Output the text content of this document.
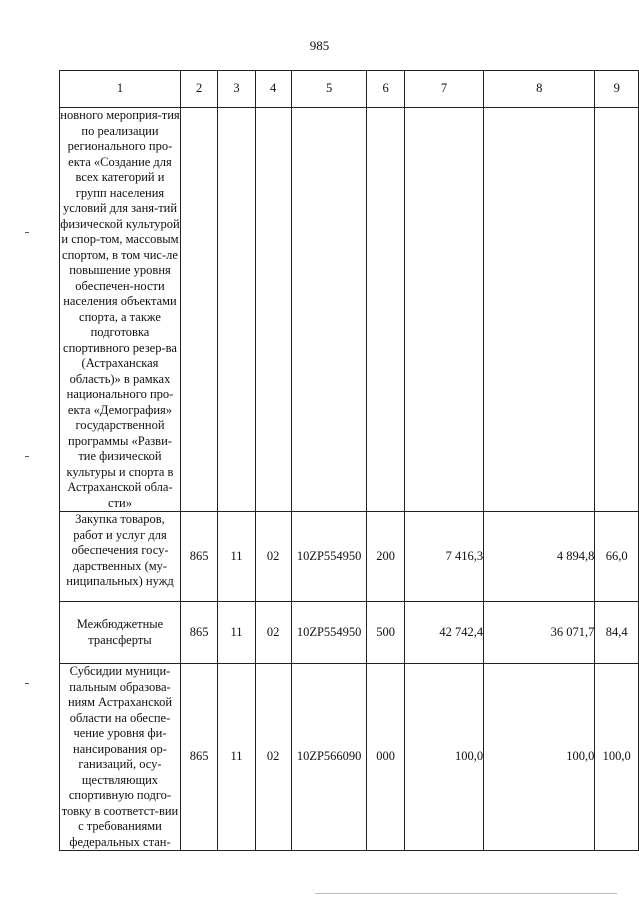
985
1	2	3	4	5	6	7	8	9
новного мероприя-тия по реализации регионального про-екта «Создание для всех категорий и групп населения условий для заня-тий физической культурой и спор-том, массовым спортом, в том чис-ле повышение уровня обеспечен-ности населения объектами спорта, а также подготовка спортивного резер-ва (Астраханская область)» в рамках национального про-екта «Демография» государственной программы «Разви-тие физической культуры и спорта в Астраханской обла-сти»								
Закупка товаров, работ и услуг для обеспечения госу-дарственных (му-ниципальных) нужд	865	11	02	10ZP554950	200	7 416,3	4 894,8	66,0
Межбюджетные трансферты	865	11	02	10ZP554950	500	42 742,4	36 071,7	84,4
Субсидии муници-пальным образова-ниям Астраханской области на обеспе-чение уровня фи-нансирования ор-ганизаций, осу-ществляющих спортивную подго-товку в соответст-вии с требованиями федеральных стан-	865	11	02	10ZP566090	000	100,0	100,0	100,0
